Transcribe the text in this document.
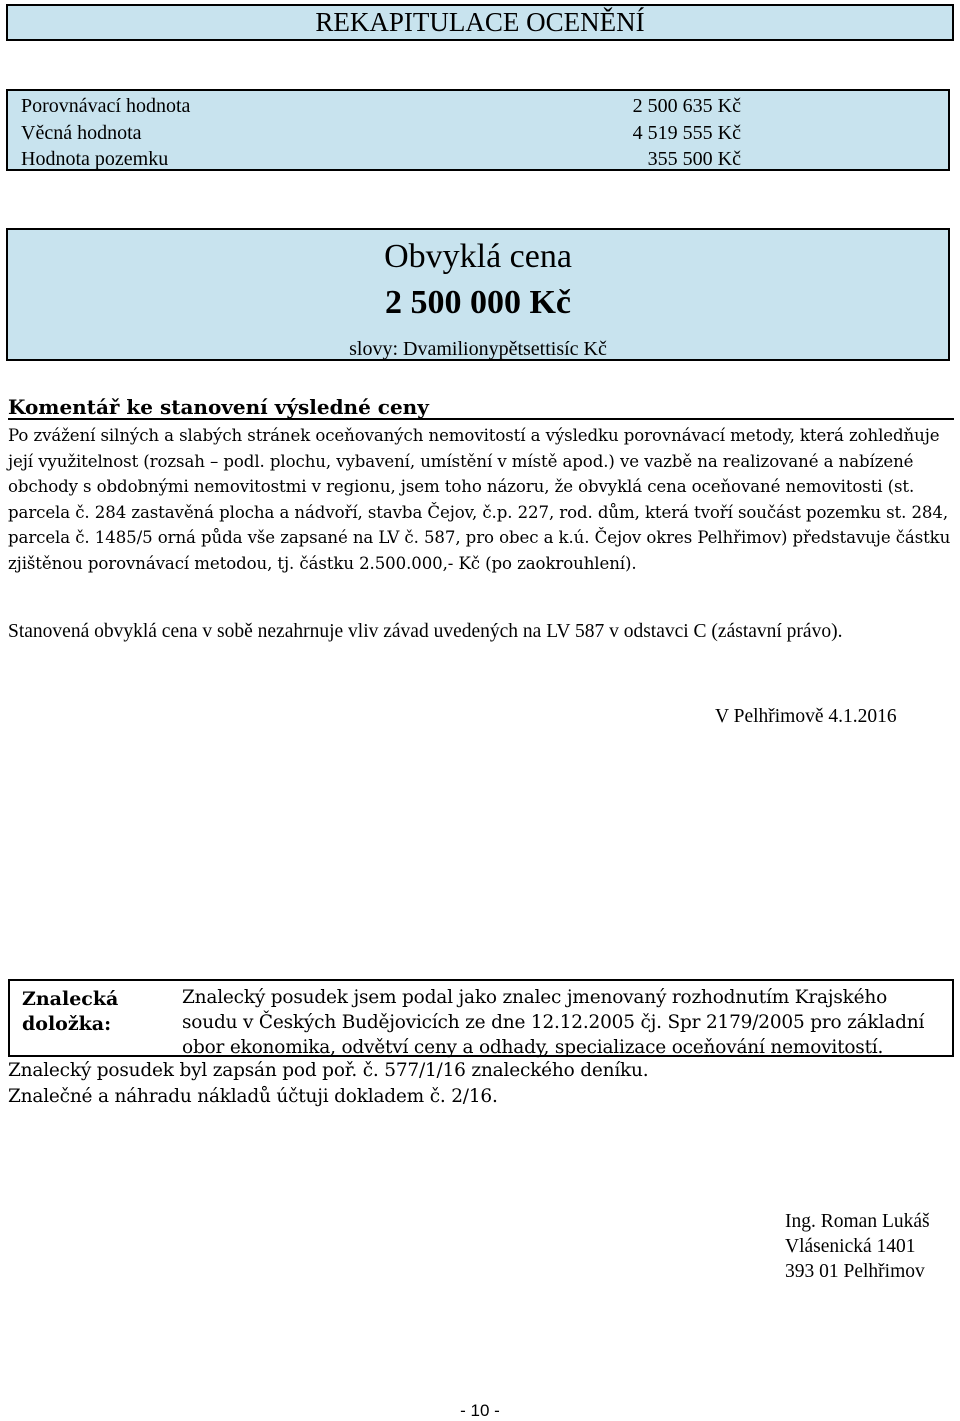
REKAPITULACE OCENĚNÍ
Porovnávací hodnota	2 500 635 Kč
Věcná hodnota	4 519 555 Kč
Hodnota pozemku	355 500 Kč
Obvyklá cena
2 500 000 Kč
slovy: Dvamilionypětsettisíc Kč
Komentář ke stanovení výsledné ceny
Po zvážení silných a slabých stránek oceňovaných nemovitostí a výsledku porovnávací metody, která zohledňuje její využitelnost (rozsah – podl. plochu, vybavení, umístění v místě apod.) ve vazbě na realizované a nabízené obchody s obdobnými nemovitostmi v regionu, jsem toho názoru, že obvyklá cena oceňované nemovitosti (st. parcela č. 284 zastavěná plocha a nádvoří, stavba Čejov, č.p. 227, rod. dům, která tvoří součást pozemku st. 284, parcela č. 1485/5 orná půda vše zapsané na LV č. 587, pro obec a k.ú. Čejov okres Pelhřimov) představuje částku zjištěnou porovnávací metodou, tj. částku 2.500.000,- Kč (po zaokrouhlení).
Stanovená obvyklá cena v sobě nezahrnuje vliv závad uvedených na LV 587 v odstavci C (zástavní právo).
V Pelhřimově 4.1.2016
Znalecká
doložka:
Znalecký posudek jsem podal jako znalec jmenovaný rozhodnutím Krajského soudu v Českých Budějovicích ze dne 12.12.2005 čj. Spr 2179/2005 pro základní obor ekonomika, odvětví ceny a odhady, specializace oceňování nemovitostí.
Znalecký posudek byl zapsán pod poř. č. 577/1/16 znaleckého deníku.
Znalečné a náhradu nákladů účtuji dokladem č. 2/16.
Ing. Roman Lukáš
Vlásenická 1401
393 01 Pelhřimov
- 10 -
